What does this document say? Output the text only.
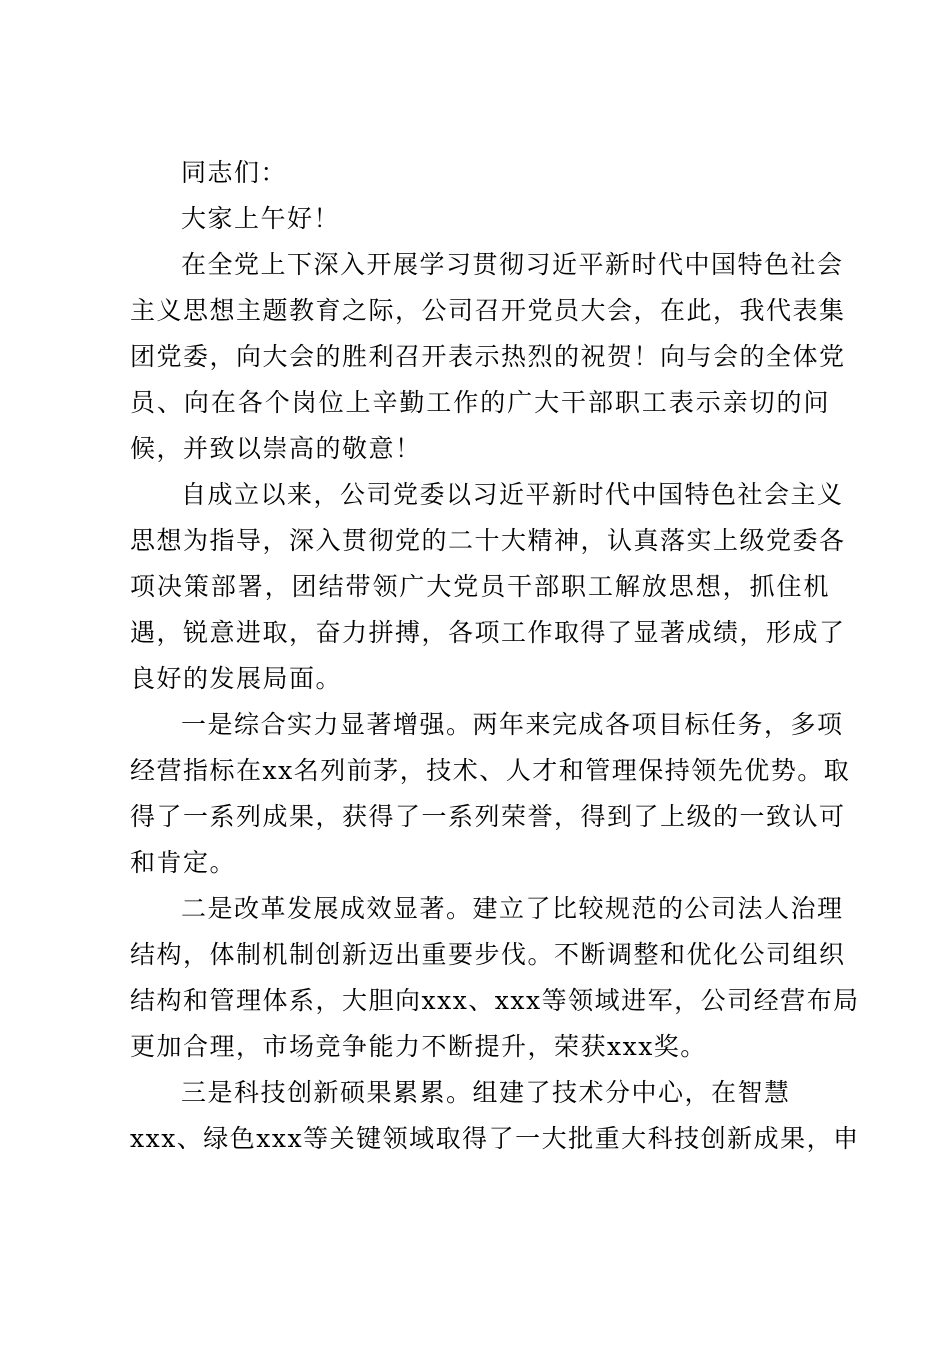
同志们：
大家上午好！
在全党上下深入开展学习贯彻习近平新时代中国特色社会
主义思想主题教育之际，公司召开党员大会，在此，我代表集
团党委，向大会的胜利召开表示热烈的祝贺！向与会的全体党
员、向在各个岗位上辛勤工作的广大干部职工表示亲切的问
候，并致以崇高的敬意！
自成立以来，公司党委以习近平新时代中国特色社会主义
思想为指导，深入贯彻党的二十大精神，认真落实上级党委各
项决策部署，团结带领广大党员干部职工解放思想，抓住机
遇，锐意进取，奋力拼搏，各项工作取得了显著成绩，形成了
良好的发展局面。
一是综合实力显著增强。两年来完成各项目标任务，多项
经营指标在xx名列前茅，技术、人才和管理保持领先优势。取
得了一系列成果，获得了一系列荣誉，得到了上级的一致认可
和肯定。
二是改革发展成效显著。建立了比较规范的公司法人治理
结构，体制机制创新迈出重要步伐。不断调整和优化公司组织
结构和管理体系，大胆向xxx、xxx等领域进军，公司经营布局
更加合理，市场竞争能力不断提升，荣获xxx奖。
三是科技创新硕果累累。组建了技术分中心，在智慧
xxx、绿色xxx等关键领域取得了一大批重大科技创新成果，申
